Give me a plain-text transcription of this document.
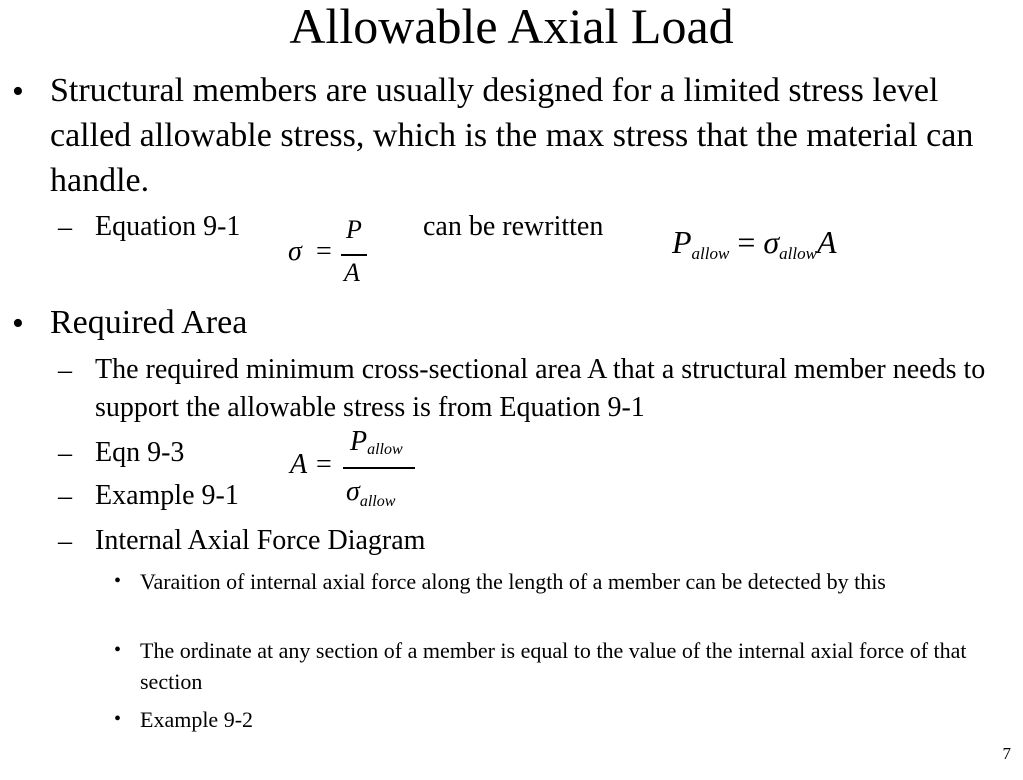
Allowable Axial Load
• Structural members are usually designed for a limited stress level called allowable stress, which is the max stress that the material can handle.
– Equation 9-1
σ =
P
A
can be rewritten Pallow = σallowA
• Required Area
– The required minimum cross-sectional area A that a structural member needs to support the allowable stress is from Equation 9-1
– Eqn 9-3	A =
Pallow
$\sigma_{allow}$
– Example 9-1
– Internal Axial Force Diagram
• Varaition of internal axial force along the length of a member can be detected by this
• The ordinate at any section of a member is equal to the value of the internal axial force of that section
• Example 9-2
7
